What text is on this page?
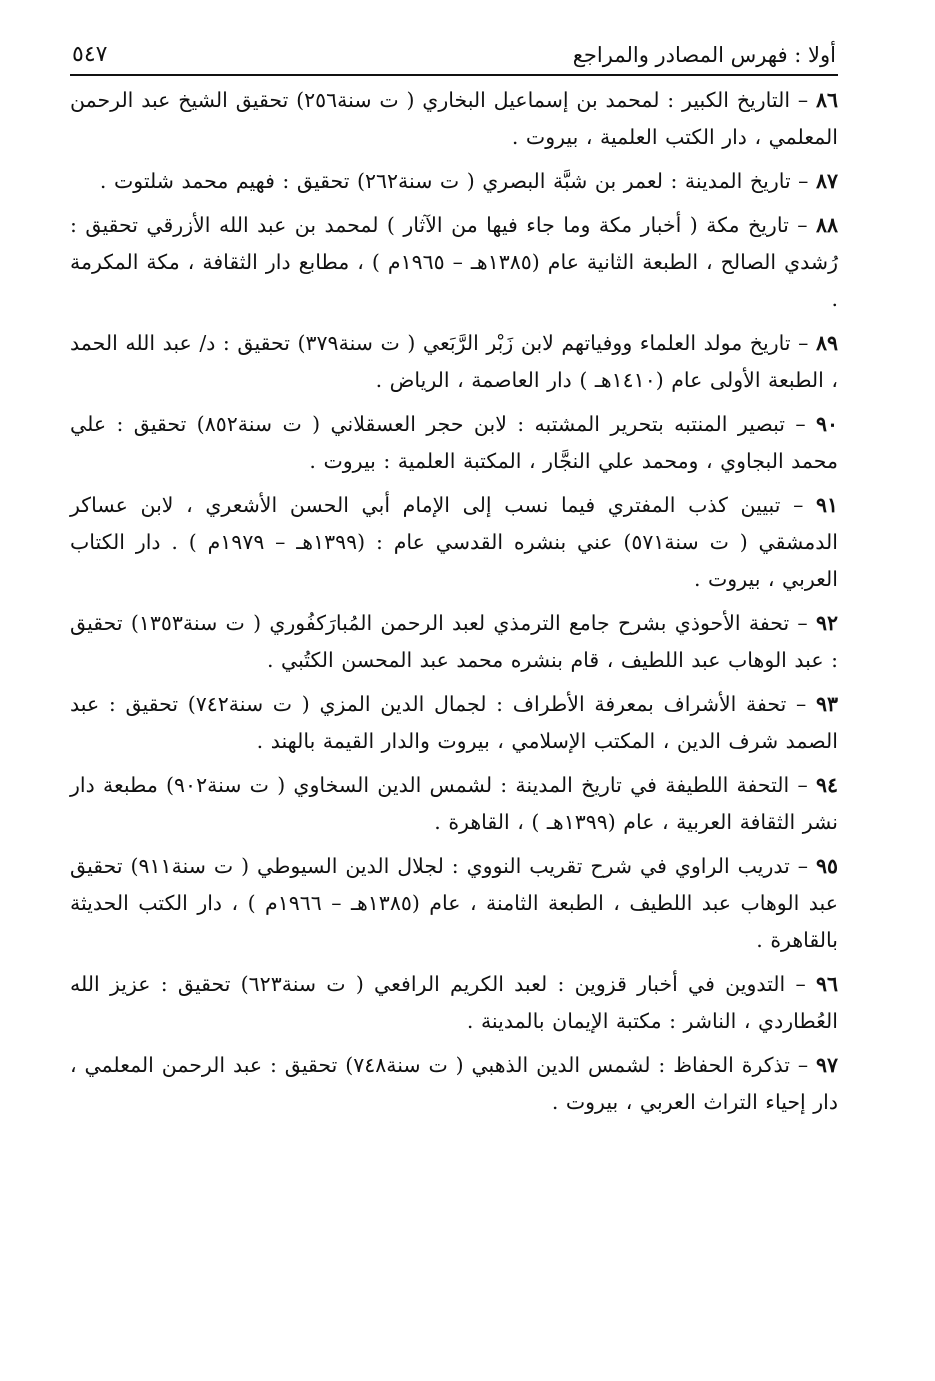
أولا : فهرس المصادر والمراجع
٥٤٧
٨٦ – التاريخ الكبير : لمحمد بن إسماعيل البخاري ( ت سنة٢٥٦) تحقيق الشيخ عبد الرحمن المعلمي ، دار الكتب العلمية ، بيروت .
٨٧ – تاريخ المدينة : لعمر بن شبَّة البصري ( ت سنة٢٦٢) تحقيق : فهيم محمد شلتوت .
٨٨ – تاريخ مكة ( أخبار مكة وما جاء فيها من الآثار ) لمحمد بن عبد الله الأزرقي تحقيق : رُشدي الصالح ، الطبعة الثانية عام (١٣٨٥هـ – ١٩٦٥م ) ، مطابع دار الثقافة ، مكة المكرمة .
٨٩ – تاريخ مولد العلماء ووفياتهم لابن زَبْر الرَّبَعي ( ت سنة٣٧٩) تحقيق : د/ عبد الله الحمد ، الطبعة الأولى عام (١٤١٠هـ ) دار العاصمة ، الرياض .
٩٠ – تبصير المنتبه بتحرير المشتبه : لابن حجر العسقلاني ( ت سنة٨٥٢) تحقيق : علي محمد البجاوي ، ومحمد علي النجَّار ، المكتبة العلمية : بيروت .
٩١ – تبيين كذب المفتري فيما نسب إلى الإمام أبي الحسن الأشعري ، لابن عساكر الدمشقي ( ت سنة٥٧١) عني بنشره القدسي عام : (١٣٩٩هـ – ١٩٧٩م ) . دار الكتاب العربي ، بيروت .
٩٢ – تحفة الأحوذي بشرح جامع الترمذي لعبد الرحمن المُبارَكفُوري ( ت سنة١٣٥٣) تحقيق : عبد الوهاب عبد اللطيف ، قام بنشره محمد عبد المحسن الكتُبي .
٩٣ – تحفة الأشراف بمعرفة الأطراف : لجمال الدين المزي ( ت سنة٧٤٢) تحقيق : عبد الصمد شرف الدين ، المكتب الإسلامي ، بيروت والدار القيمة بالهند .
٩٤ – التحفة اللطيفة في تاريخ المدينة : لشمس الدين السخاوي ( ت سنة٩٠٢) مطبعة دار نشر الثقافة العربية ، عام (١٣٩٩هـ ) ، القاهرة .
٩٥ – تدريب الراوي في شرح تقريب النووي : لجلال الدين السيوطي ( ت سنة٩١١) تحقيق عبد الوهاب عبد اللطيف ، الطبعة الثامنة ، عام (١٣٨٥هـ – ١٩٦٦م ) ، دار الكتب الحديثة بالقاهرة .
٩٦ – التدوين في أخبار قزوين : لعبد الكريم الرافعي ( ت سنة٦٢٣) تحقيق : عزيز الله العُطاردي ، الناشر : مكتبة الإيمان بالمدينة .
٩٧ – تذكرة الحفاظ : لشمس الدين الذهبي ( ت سنة٧٤٨) تحقيق : عبد الرحمن المعلمي ، دار إحياء التراث العربي ، بيروت .
